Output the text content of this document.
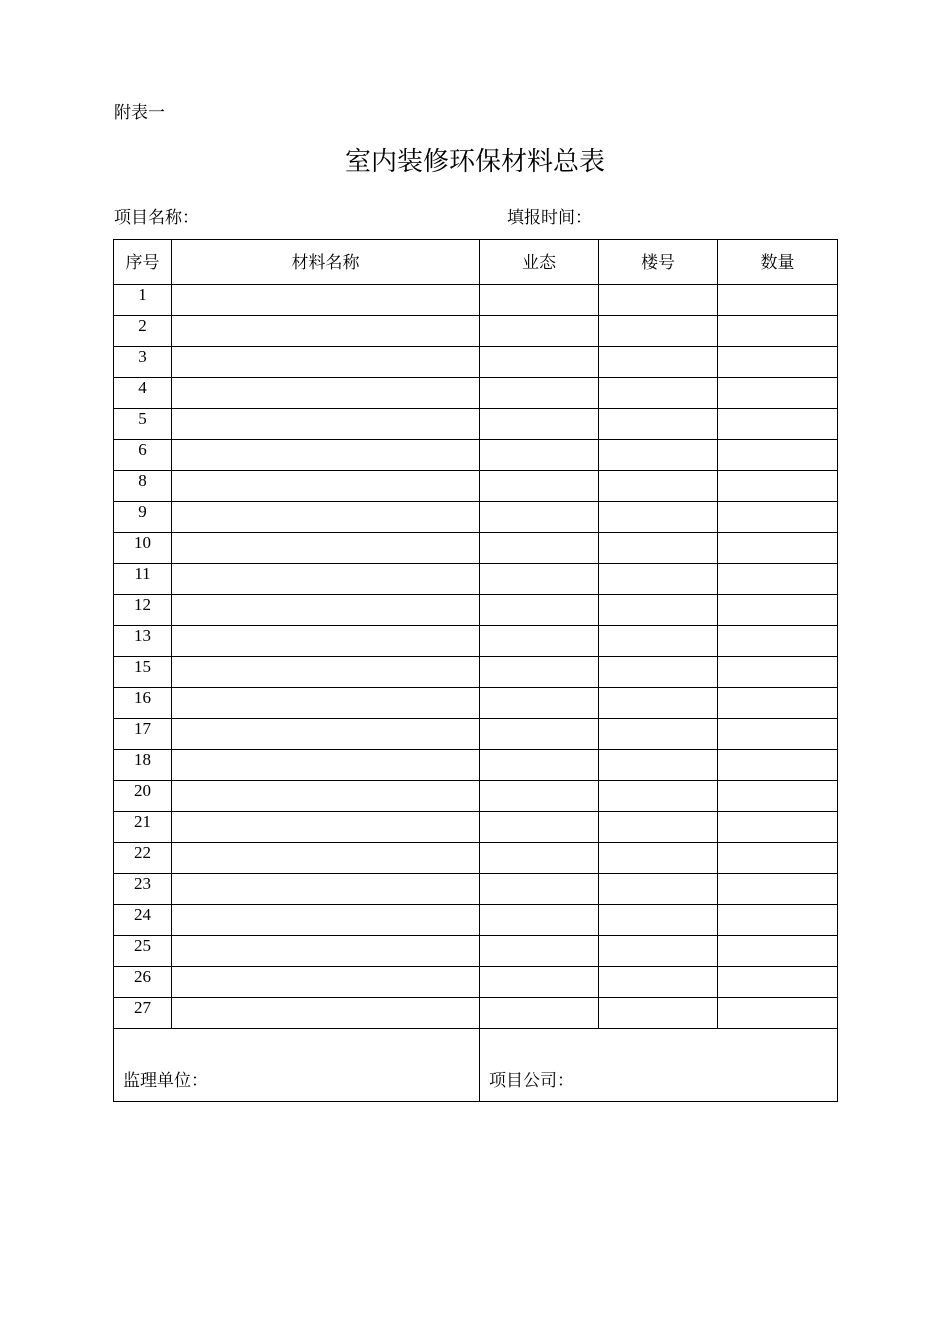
附表一
室内装修环保材料总表
项目名称：	填报时间：
序号	材料名称	业态	楼号	数量
1				
2				
3				
4				
5				
6				
8				
9				
10				
11				
12				
13				
15				
16				
17				
18				
20				
21				
22				
23				
24				
25				
26				
27				
监理单位：		项目公司：		
